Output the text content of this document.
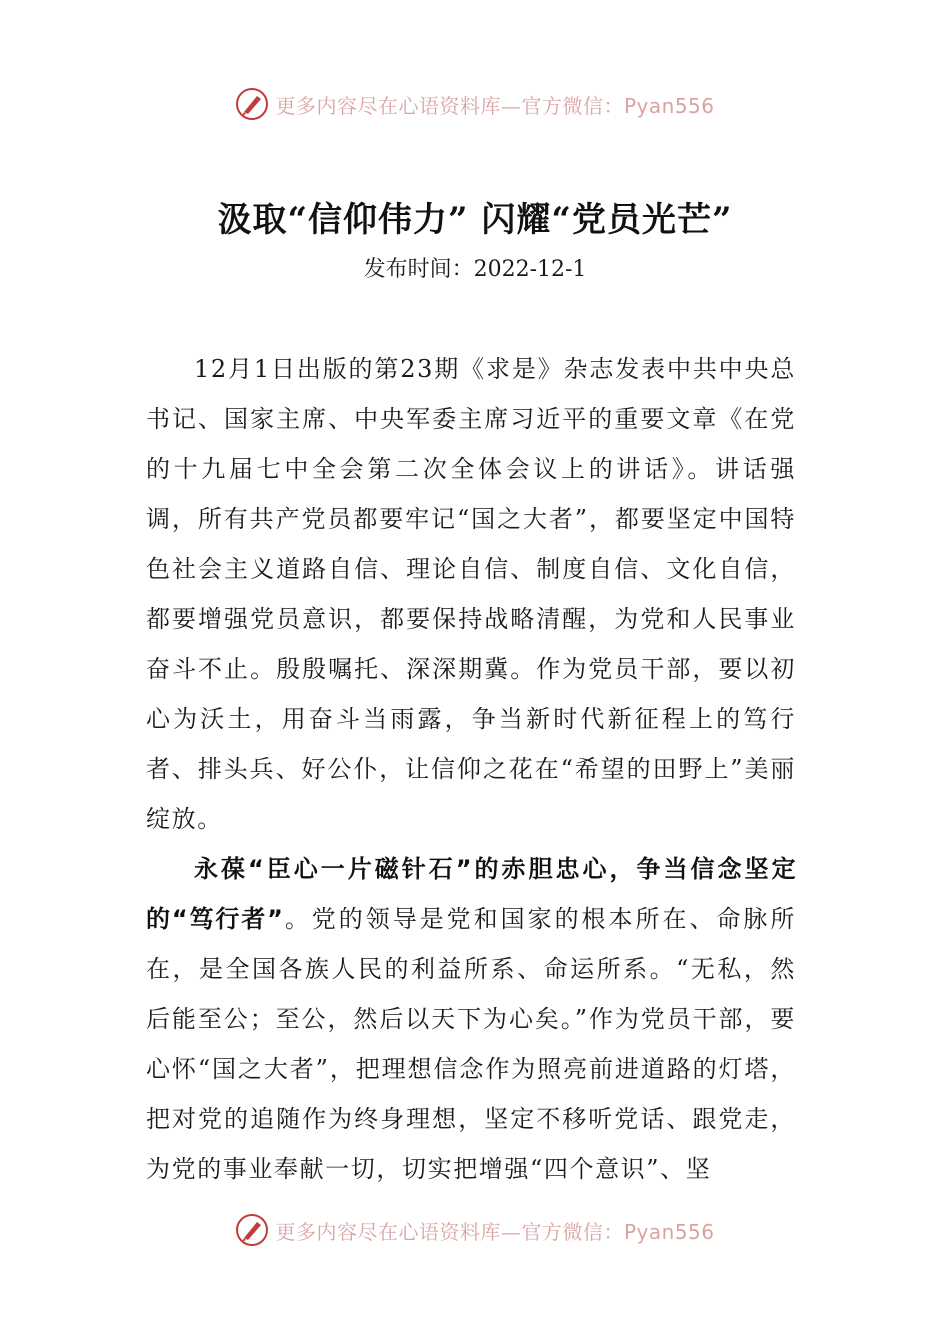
更多内容尽在心语资料库—官方微信：Pyan556
汲取“信仰伟力” 闪耀“党员光芒”
发布时间：2022-12-1

12月1日出版的第23期《求是》杂志发表中共中央总书记、国家主席、中央军委主席习近平的重要文章《在党的十九届七中全会第二次全体会议上的讲话》。讲话强调，所有共产党员都要牢记“国之大者”，都要坚定中国特色社会主义道路自信、理论自信、制度自信、文化自信，都要增强党员意识，都要保持战略清醒，为党和人民事业奋斗不止。殷殷嘱托、深深期冀。作为党员干部，要以初心为沃土，用奋斗当雨露，争当新时代新征程上的笃行者、排头兵、好公仆，让信仰之花在“希望的田野上”美丽绽放。

永葆“臣心一片磁针石”的赤胆忠心，争当信念坚定的“笃行者”。党的领导是党和国家的根本所在、命脉所在，是全国各族人民的利益所系、命运所系。“无私，然后能至公；至公，然后以天下为心矣。”作为党员干部，要心怀“国之大者”，把理想信念作为照亮前进道路的灯塔，把对党的追随作为终身理想，坚定不移听党话、跟党走，为党的事业奉献一切，切实把增强“四个意识”、坚

更多内容尽在心语资料库—官方微信：Pyan556
